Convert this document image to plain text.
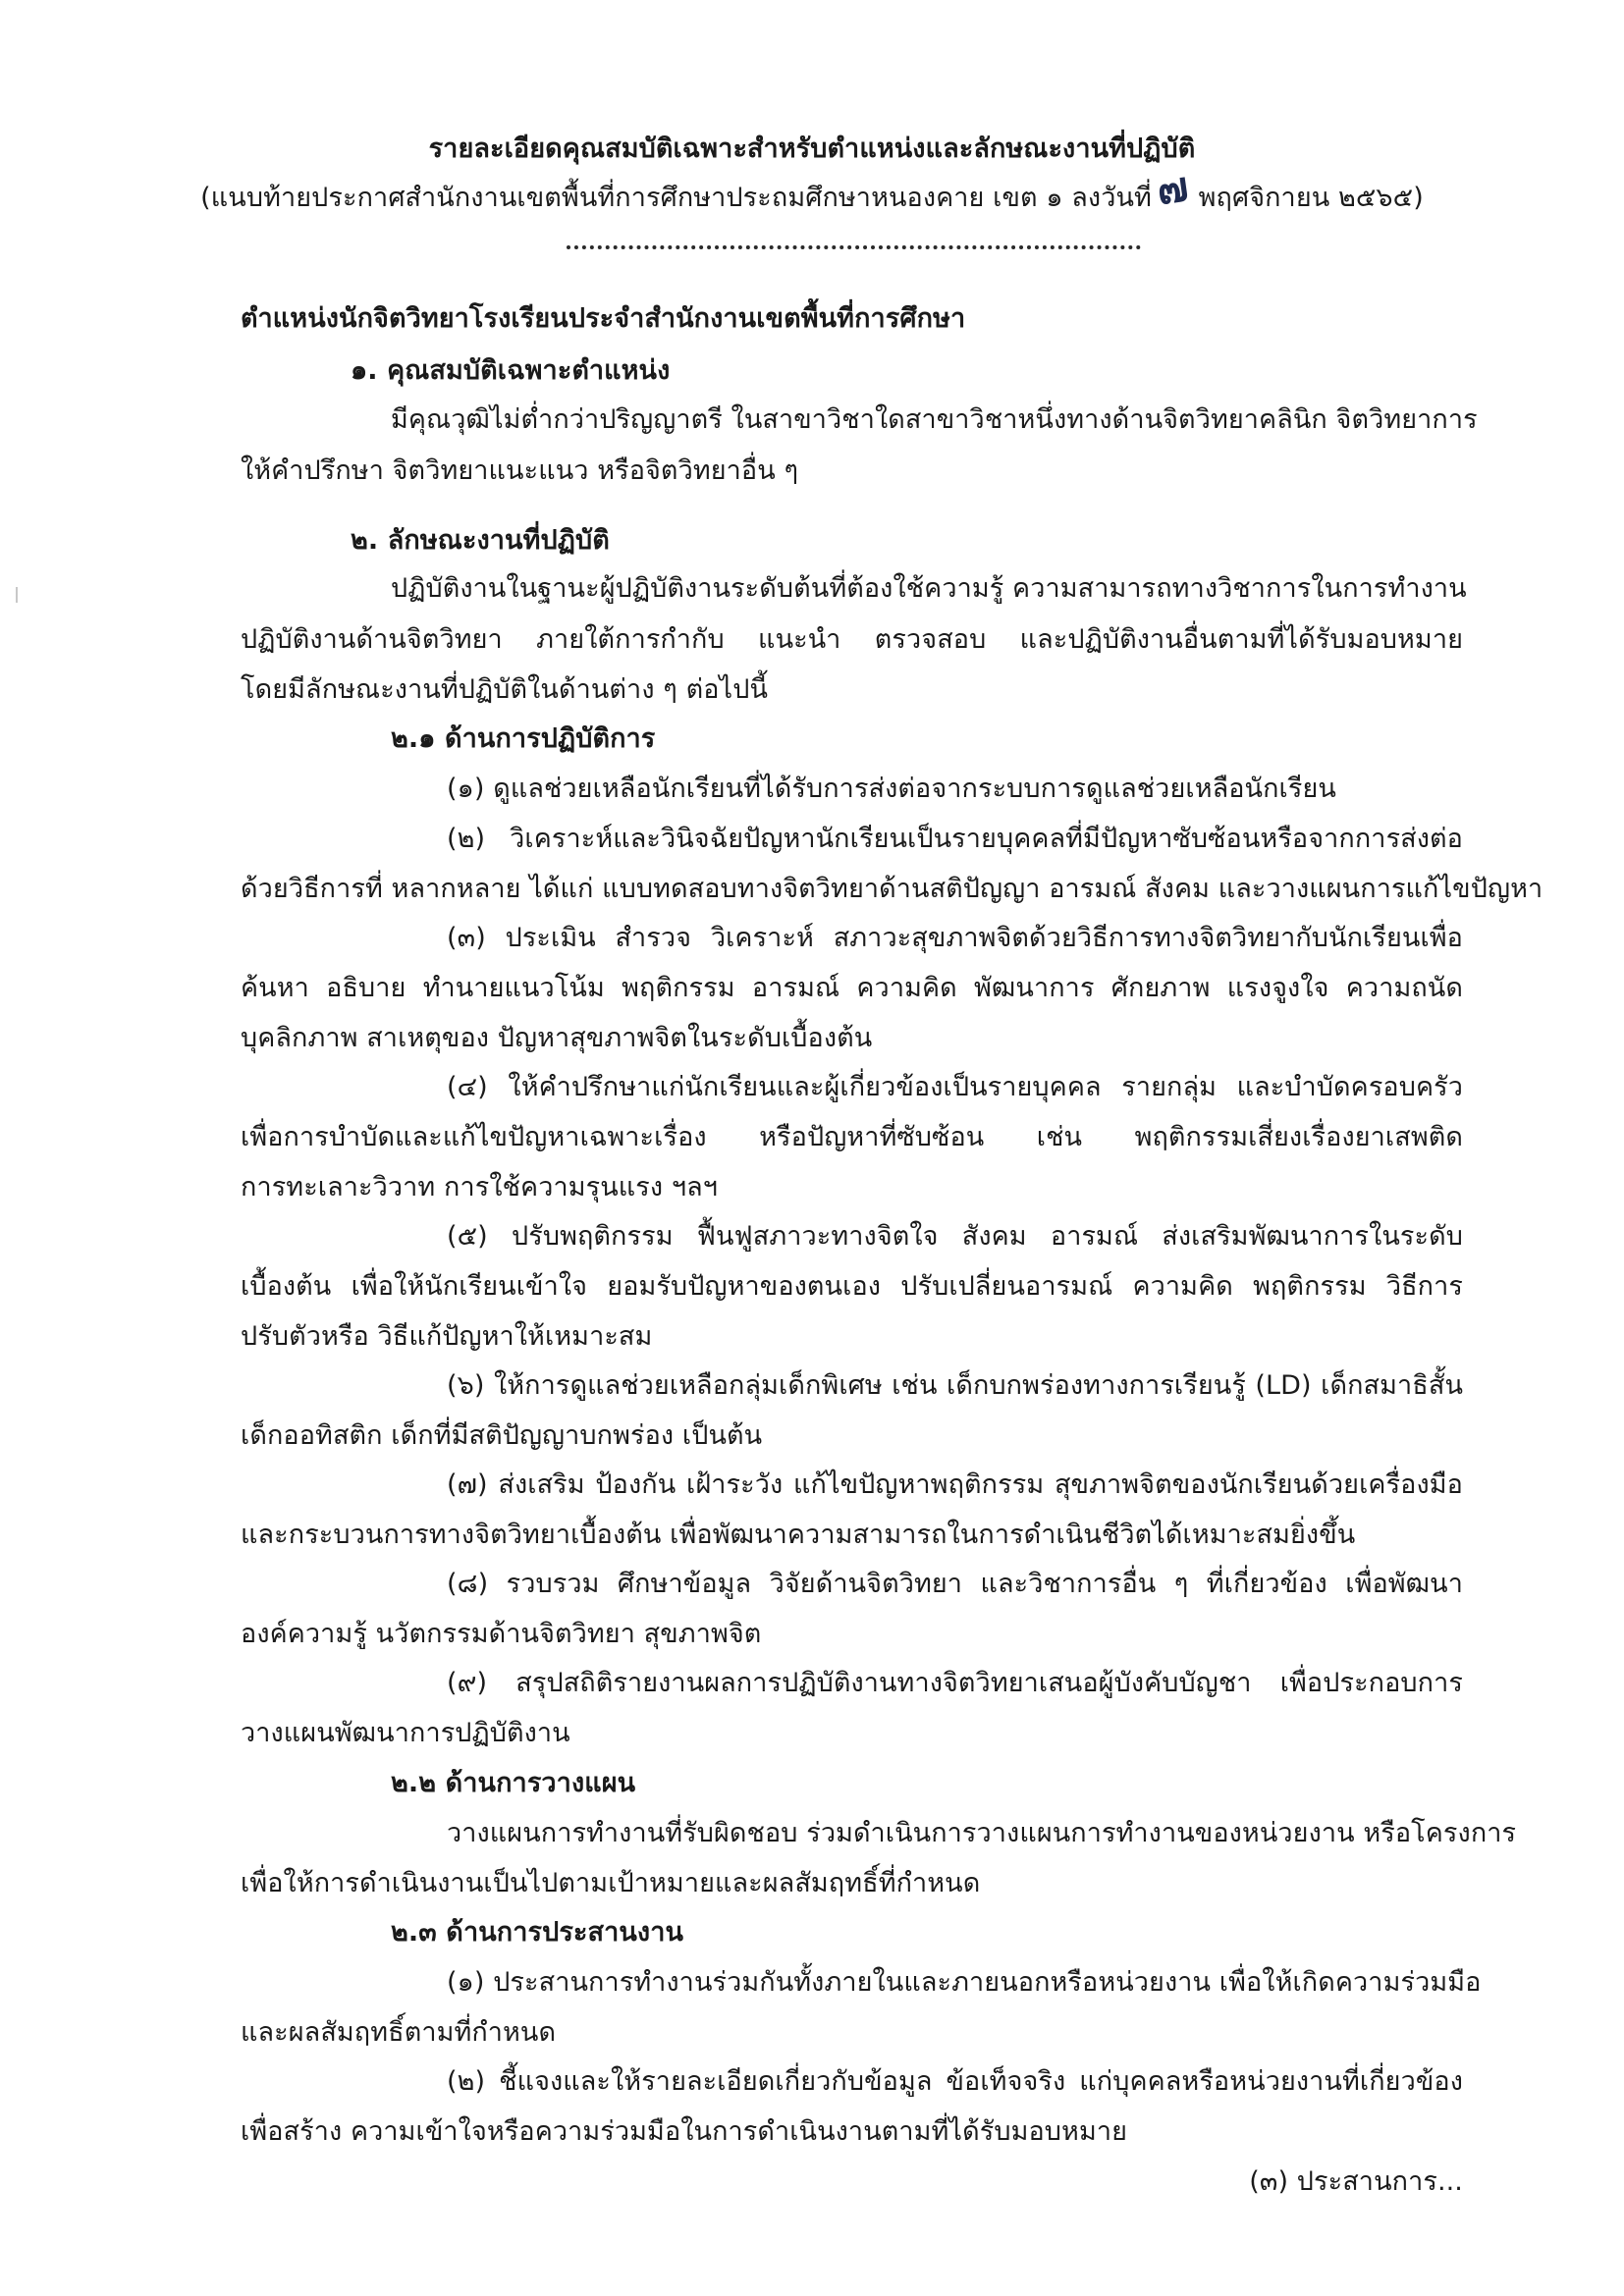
รายละเอียดคุณสมบัติเฉพาะสำหรับตำแหน่งและลักษณะงานที่ปฏิบัติ
(แนบท้ายประกาศสำนักงานเขตพื้นที่การศึกษาประถมศึกษาหนองคาย เขต ๑ ลงวันที่๗ พฤศจิกายน ๒๕๖๕)
ตำแหน่งนักจิตวิทยาโรงเรียนประจำสำนักงานเขตพื้นที่การศึกษา
๑. คุณสมบัติเฉพาะตำแหน่ง
มีคุณวุฒิไม่ต่ำกว่าปริญญาตรี ในสาขาวิชาใดสาขาวิชาหนึ่งทางด้านจิตวิทยาคลินิก จิตวิทยาการ
ให้คำปรึกษา จิตวิทยาแนะแนว หรือจิตวิทยาอื่น ๆ
๒. ลักษณะงานที่ปฏิบัติ
ปฏิบัติงานในฐานะผู้ปฏิบัติงานระดับต้นที่ต้องใช้ความรู้ ความสามารถทางวิชาการในการทำงาน
ปฏิบัติงานด้านจิตวิทยา ภายใต้การกำกับ แนะนำ ตรวจสอบ และปฏิบัติงานอื่นตามที่ได้รับมอบหมาย
โดยมีลักษณะงานที่ปฏิบัติในด้านต่าง ๆ ต่อไปนี้
๒.๑ ด้านการปฏิบัติการ
(๑) ดูแลช่วยเหลือนักเรียนที่ได้รับการส่งต่อจากระบบการดูแลช่วยเหลือนักเรียน
(๒) วิเคราะห์และวินิจฉัยปัญหานักเรียนเป็นรายบุคคลที่มีปัญหาซับซ้อนหรือจากการส่งต่อ
ด้วยวิธีการที่ หลากหลาย ได้แก่ แบบทดสอบทางจิตวิทยาด้านสติปัญญา อารมณ์ สังคม และวางแผนการแก้ไขปัญหา
(๓) ประเมิน สำรวจ วิเคราะห์ สภาวะสุขภาพจิตด้วยวิธีการทางจิตวิทยากับนักเรียนเพื่อ
ค้นหา อธิบาย ทำนายแนวโน้ม พฤติกรรม อารมณ์ ความคิด พัฒนาการ ศักยภาพ แรงจูงใจ ความถนัด
บุคลิกภาพ สาเหตุของ ปัญหาสุขภาพจิตในระดับเบื้องต้น
(๔) ให้คำปรึกษาแก่นักเรียนและผู้เกี่ยวข้องเป็นรายบุคคล รายกลุ่ม และบำบัดครอบครัว
เพื่อการบำบัดและแก้ไขปัญหาเฉพาะเรื่อง หรือปัญหาที่ซับซ้อน เช่น พฤติกรรมเสี่ยงเรื่องยาเสพติด
การทะเลาะวิวาท การใช้ความรุนแรง ฯลฯ
(๕) ปรับพฤติกรรม ฟื้นฟูสภาวะทางจิตใจ สังคม อารมณ์ ส่งเสริมพัฒนาการในระดับ
เบื้องต้น เพื่อให้นักเรียนเข้าใจ ยอมรับปัญหาของตนเอง ปรับเปลี่ยนอารมณ์ ความคิด พฤติกรรม วิธีการ
ปรับตัวหรือ วิธีแก้ปัญหาให้เหมาะสม
(๖) ให้การดูแลช่วยเหลือกลุ่มเด็กพิเศษ เช่น เด็กบกพร่องทางการเรียนรู้ (LD) เด็กสมาธิสั้น
เด็กออทิสติก เด็กที่มีสติปัญญาบกพร่อง เป็นต้น
(๗) ส่งเสริม ป้องกัน เฝ้าระวัง แก้ไขปัญหาพฤติกรรม สุขภาพจิตของนักเรียนด้วยเครื่องมือ
และกระบวนการทางจิตวิทยาเบื้องต้น เพื่อพัฒนาความสามารถในการดำเนินชีวิตได้เหมาะสมยิ่งขึ้น
(๘) รวบรวม ศึกษาข้อมูล วิจัยด้านจิตวิทยา และวิชาการอื่น ๆ ที่เกี่ยวข้อง เพื่อพัฒนา
องค์ความรู้ นวัตกรรมด้านจิตวิทยา สุขภาพจิต
(๙) สรุปสถิติรายงานผลการปฏิบัติงานทางจิตวิทยาเสนอผู้บังคับบัญชา เพื่อประกอบการ
วางแผนพัฒนาการปฏิบัติงาน
๒.๒ ด้านการวางแผน
วางแผนการทำงานที่รับผิดชอบ ร่วมดำเนินการวางแผนการทำงานของหน่วยงาน หรือโครงการ
เพื่อให้การดำเนินงานเป็นไปตามเป้าหมายและผลสัมฤทธิ์ที่กำหนด
๒.๓ ด้านการประสานงาน
(๑) ประสานการทำงานร่วมกันทั้งภายในและภายนอกหรือหน่วยงาน เพื่อให้เกิดความร่วมมือ
และผลสัมฤทธิ์ตามที่กำหนด
(๒) ชี้แจงและให้รายละเอียดเกี่ยวกับข้อมูล ข้อเท็จจริง แก่บุคคลหรือหน่วยงานที่เกี่ยวข้อง
เพื่อสร้าง ความเข้าใจหรือความร่วมมือในการดำเนินงานตามที่ได้รับมอบหมาย
(๓) ประสานการ...
